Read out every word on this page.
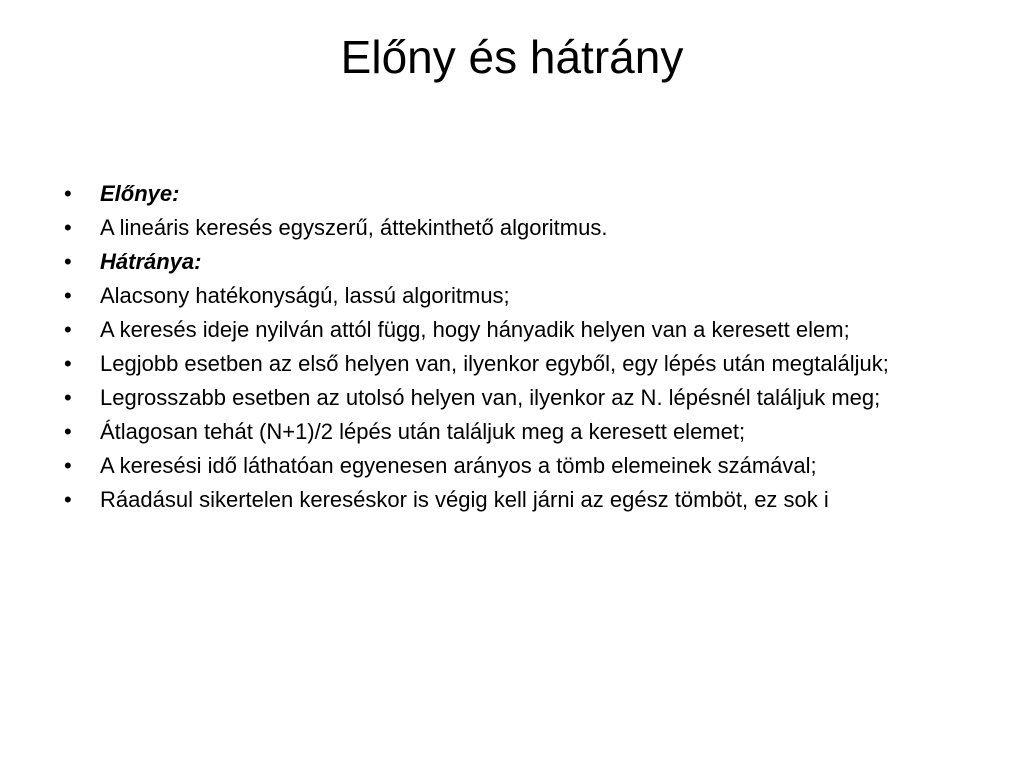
Előny és hátrány
•	Előnye:
•	A lineáris keresés egyszerű, áttekinthető algoritmus.
•	Hátránya:
•	Alacsony hatékonyságú, lassú algoritmus;
•	A keresés ideje nyilván attól függ, hogy hányadik helyen van a keresett elem;
•	Legjobb esetben az első helyen van, ilyenkor egyből, egy lépés után megtaláljuk;
•	Legrosszabb esetben az utolsó helyen van, ilyenkor az N. lépésnél találjuk meg;
•	Átlagosan tehát (N+1)/2 lépés után találjuk meg a keresett elemet;
•	A keresési idő láthatóan egyenesen arányos a tömb elemeinek számával;
•	Ráadásul sikertelen kereséskor is végig kell járni az egész tömböt, ez sok i
